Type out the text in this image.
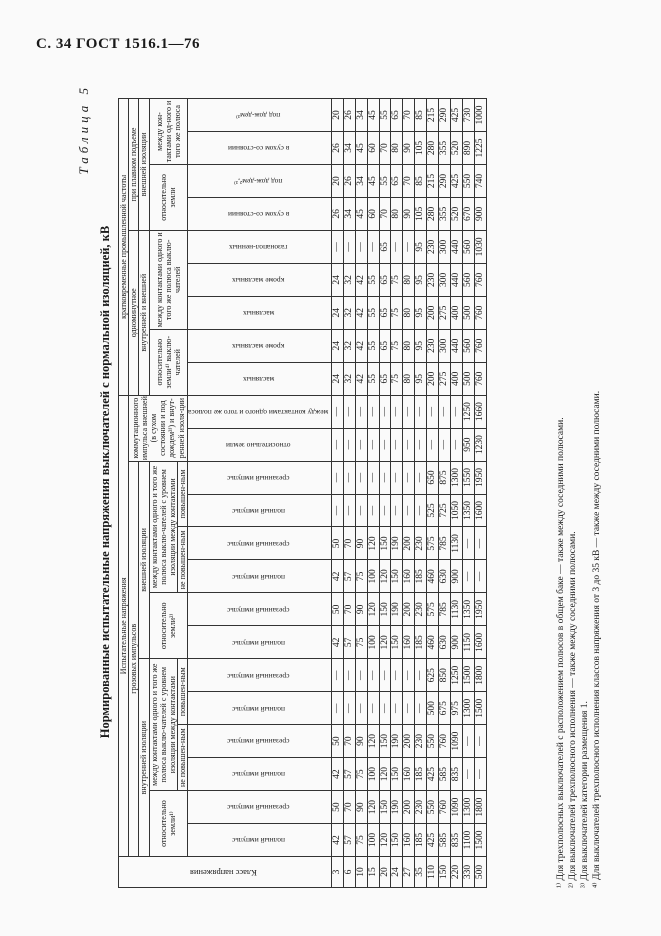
С. 34 ГОСТ 1516.1—76
Таблица 5
Нормированные испытательные напряжения выключателей с нормальной изоляцией, кВ
Класс напряжения	Испытательные напряжения														кратковременные промышленной частоты								
	грозовых импульсов												коммутационного импульса внешней (в сухом состоянии и под дождем³⁾) и внут-ренней изоля-ции		одноминутное					при плавном подъеме			
	внутренней изоляции						внешней изоляции								внутренней и внешней					внешней изоляции			
	относительно земли¹⁾		между контактами одного и того же полюса выклю-чателей с уровнем изоляции между контактами				относительно земли²⁾		между контактами одного и того же полюса выклю-чателей с уровнем изоляции между контактами						относительно земли⁴⁾ выклю-чателей		между контактами одного и того же полюса выклю-чателей			относительно земли		между кон-тактами од-ного и того же полюса	
			не повышен-ным		повышен-ным				не повышен-ным		повышен-ным												
	полный импульс	срезанный импульс	полный импульс	срезанный импульс	полный импульс	срезанный импульс	полный импульс	срезанный импульс	полный импульс	срезанный импульс	полный импульс	срезанный импульс	относительно земли	между контактами одного и того же полюса	масляных	кроме масляных	масляных	кроме масляных	газонапол-ненных	в сухом со-стоянии	под дож-дем²,³⁾	в сухом со-стоянии	под дож-дем³⁾
3	42	50	42	50	—	—	42	50	42	50	—	—	—	—	24	24	24	24	—	26	20	26	20
6	57	70	57	70	—	—	57	70	57	70	—	—	—	—	32	32	32	32	—	34	26	34	26
10	75	90	75	90	—	—	75	90	75	90	—	—	—	—	42	42	42	42	—	45	34	45	34
15	100	120	100	120	—	—	100	120	100	120	—	—	—	—	55	55	55	55	—	60	45	60	45
20	120	150	120	150	—	—	120	150	120	150	—	—	—	—	65	65	65	65	65	70	55	70	55
24	150	190	150	190	—	—	150	190	150	190	—	—	—	—	75	75	75	75	—	80	65	80	65
27	160	200	160	200	—	—	160	200	160	200	—	—	—	—	80	80	80	80	—	90	70	90	70
35	185	230	185	230	—	—	185	230	185	230	—	—	—	—	95	95	95	95	95	105	85	105	85
110	425	550	425	550	500	625	460	575	460	575	525	650	—	—	200	230	200	230	230	280	215	280	215
150	585	760	585	760	675	850	630	785	630	785	725	875	—	—	275	300	275	300	300	355	290	355	290
220	835	1090	835	1090	975	1250	900	1130	900	1130	1050	1300	—	—	400	440	400	440	440	520	425	520	425
330	1100	1300	—	—	1300	1500	1150	1350	—	—	1350	1550	950	1250	500	560	500	560	560	670	550	890	730
500	1500	1800	—	—	1500	1800	1600	1950	—	—	1600	1950	1230	1660	760	760	760	760	1030	900	740	1225	1000
¹⁾ Для трехполюсных выключателей с расположением полюсов в общем баке — также между соседними полюсами. ²⁾ Для выключателей трехполюсного исполнения — также между соседними полюсами. ³⁾ Для выключателей категории размещения 1. ⁴⁾ Для выключателей трехполюсного исполнения классов напряжения от 3 до 35 кВ — также между соседними полюсами.
